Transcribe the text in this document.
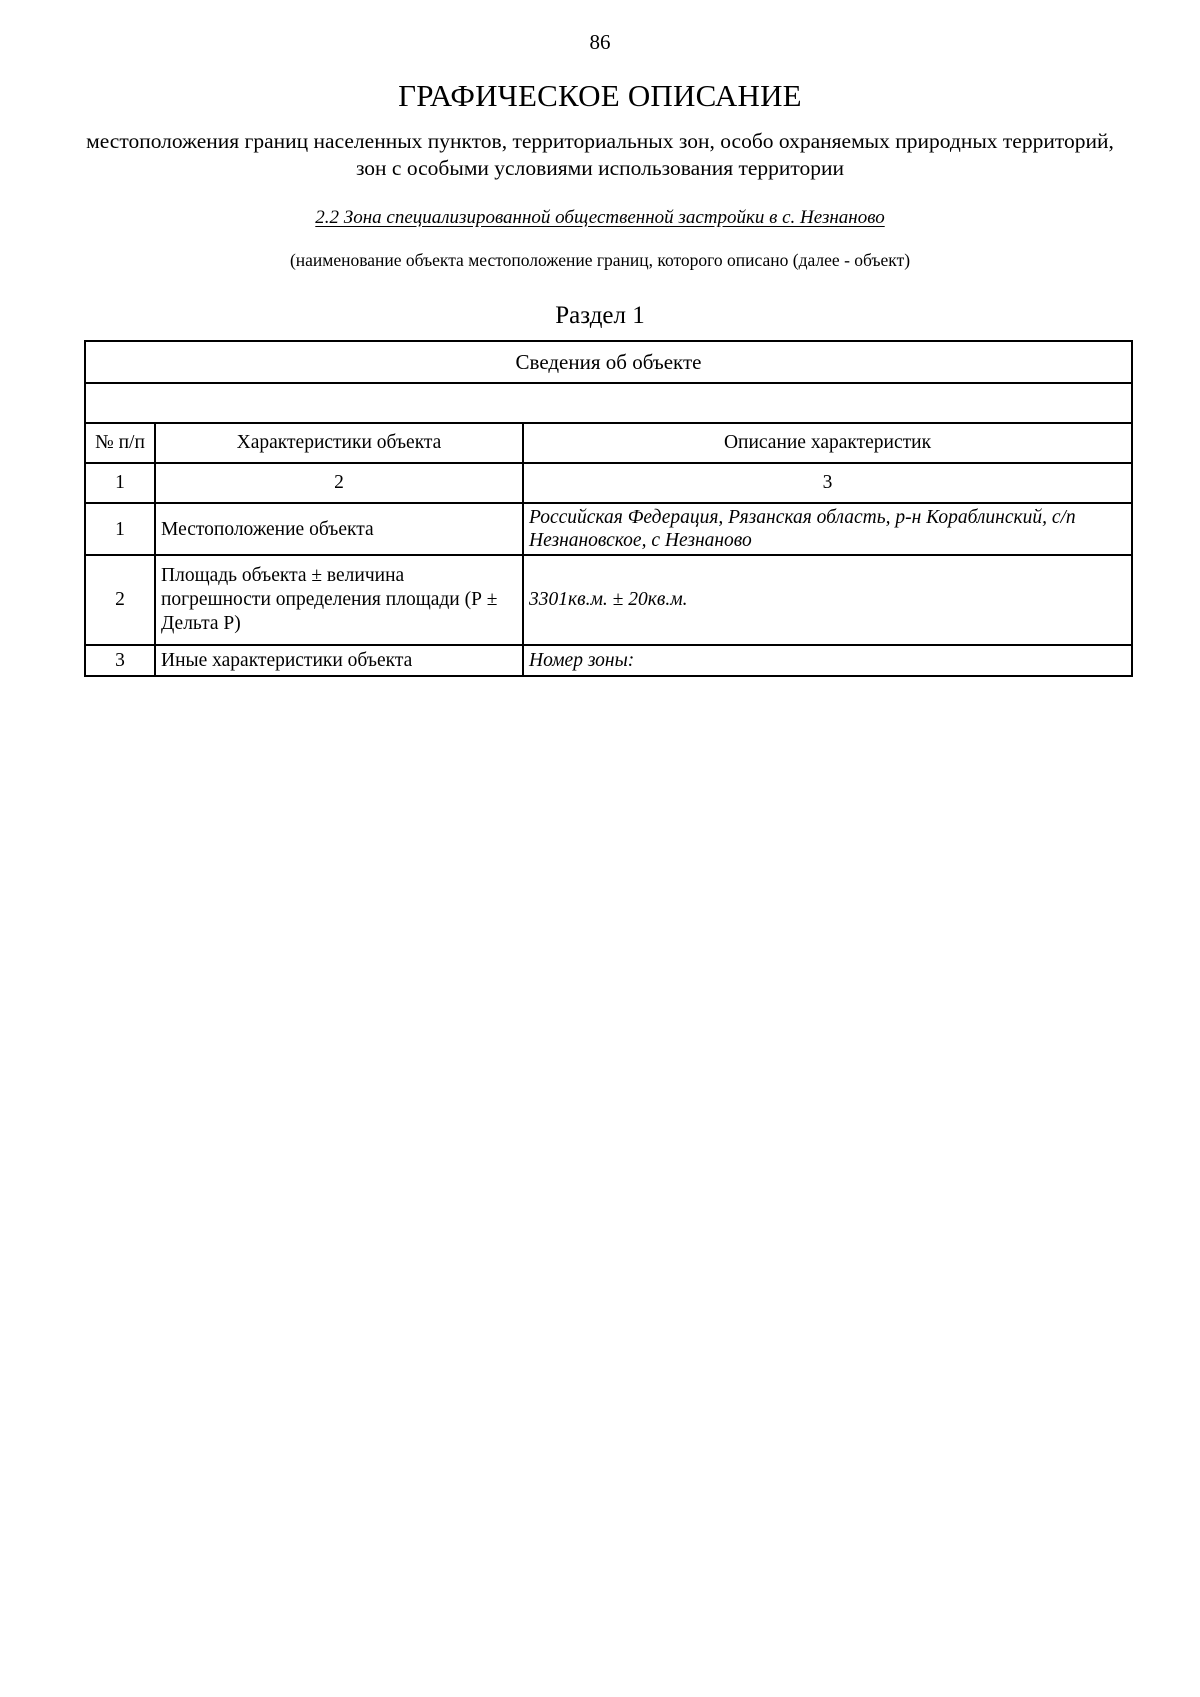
86
ГРАФИЧЕСКОЕ ОПИСАНИЕ
местоположения границ населенных пунктов, территориальных зон, особо охраняемых природных территорий, зон с особыми условиями использования территории
2.2 Зона специализированной общественной застройки в с. Незнаново
(наименование объекта местоположение границ, которого описано (далее - объект)
Раздел 1
Сведения об объекте		

№ п/п	Характеристики объекта	Описание характеристик
1	2	3
1	Местоположение объекта	Российская Федерация, Рязанская область, р-н Кораблинский, с/п Незнановское, с Незнаново
2	Площадь объекта ± величина погрешности определения площади (Р ± Дельта Р)	3301кв.м. ± 20кв.м.
3	Иные характеристики объекта	Номер зоны:
